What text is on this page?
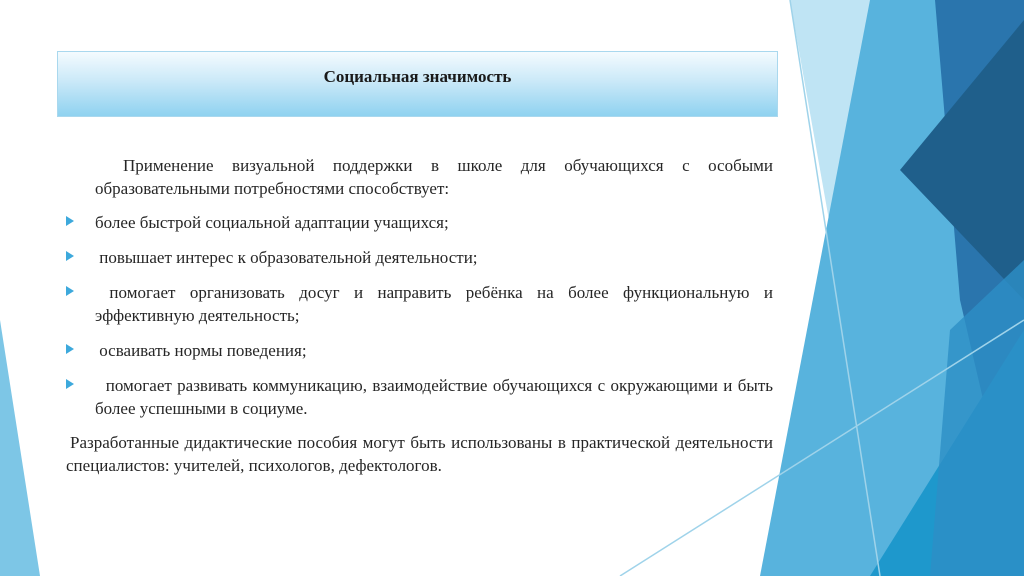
Социальная значимость

Применение визуальной поддержки в школе для обучающихся с особыми образовательными потребностями способствует:

более быстрой социальной адаптации учащихся;
повышает интерес к образовательной деятельности;
помогает организовать досуг и направить ребёнка на более функциональную и эффективную деятельность;
осваивать нормы поведения;
помогает развивать коммуникацию, взаимодействие обучающихся с окружающими и быть более успешными в социуме.

Разработанные дидактические пособия могут быть использованы в практической деятельности специалистов: учителей, психологов, дефектологов.
